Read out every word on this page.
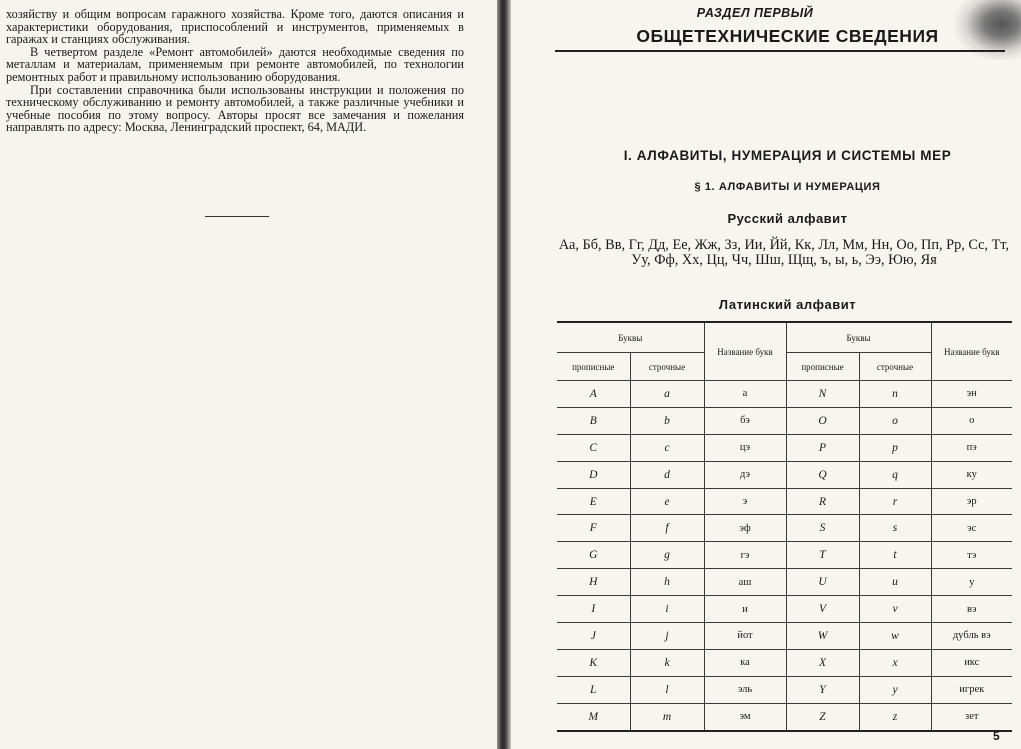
хозяйству и общим вопросам гаражного хозяйства. Кроме того, даются описания и характеристики оборудования, приспособлений и инструментов, применяемых в гаражах и станциях обслуживания.

В четвертом разделе «Ремонт автомобилей» даются необходимые сведения по металлам и материалам, применяемым при ремонте автомобилей, по технологии ремонтных работ и правильному использованию оборудования.

При составлении справочника были использованы инструкции и положения по техническому обслуживанию и ремонту автомобилей, а также различные учебники и учебные пособия по этому вопросу. Авторы просят все замечания и пожелания направлять по адресу: Москва, Ленинградский проспект, 64, МАДИ.

РАЗДЕЛ ПЕРВЫЙ
ОБЩЕТЕХНИЧЕСКИЕ СВЕДЕНИЯ
I. АЛФАВИТЫ, НУМЕРАЦИЯ И СИСТЕМЫ МЕР
§ 1. АЛФАВИТЫ И НУМЕРАЦИЯ
Русский алфавит

Аа, Бб, Вв, Гг, Дд, Ее, Жж, Зз, Ии, Йй, Кк, Лл, Мм, Нн, Оо, Пп, Рр, Сс, Тт, Уу, Фф, Хх, Цц, Чч, Шш, Щщ, ъ, ы, ь, Ээ, Юю, Яя

Латинский алфавит
Буквы		Название букв	Буквы		Название букв
прописные	строчные		прописные	строчные	
A	a	а	N	n	эн
B	b	бэ	O	o	о
C	c	цэ	P	p	пэ
D	d	дэ	Q	q	ку
E	e	э	R	r	эр
F	f	эф	S	s	эс
G	g	гэ	T	t	тэ
H	h	аш	U	u	у
I	i	и	V	v	вэ
J	j	йот	W	w	дубль вэ
K	k	ка	X	x	икс
L	l	эль	Y	y	игрек
M	m	эм	Z	z	зет
5
